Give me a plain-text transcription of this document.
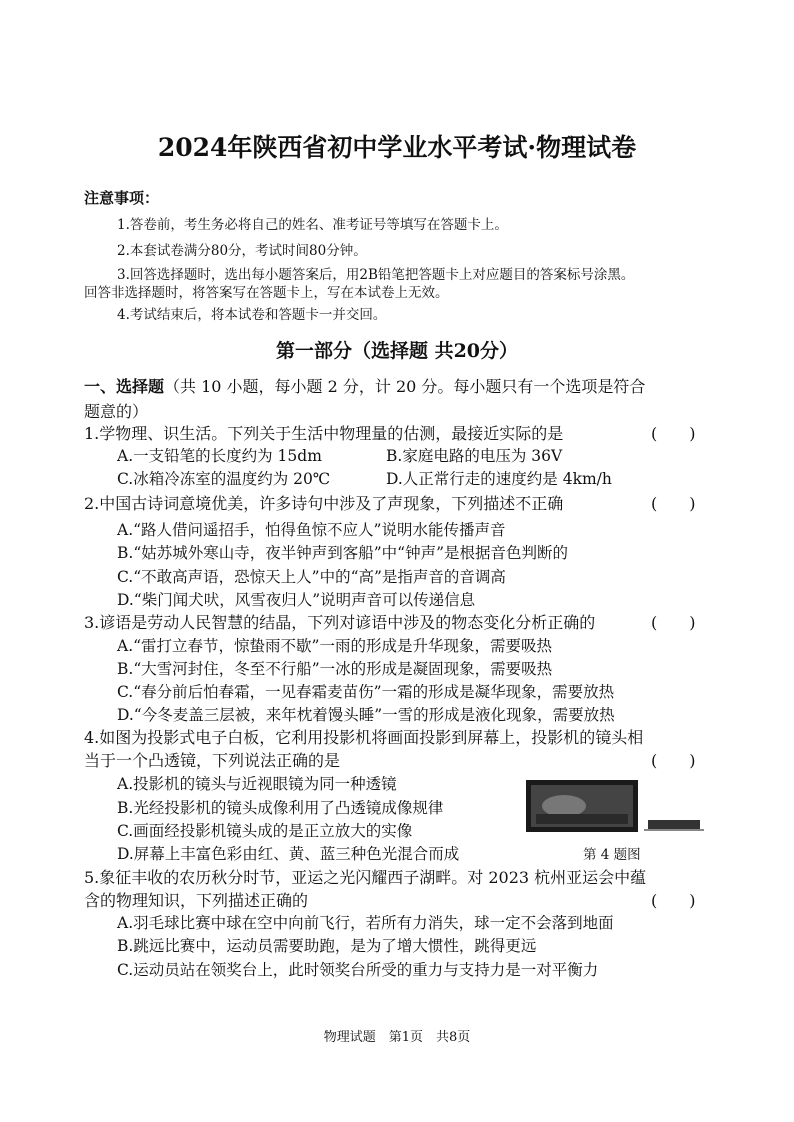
2024年陕西省初中学业水平考试·物理试卷
注意事项：
1.答卷前，考生务必将自己的姓名、准考证号等填写在答题卡上。
2.本套试卷满分80分，考试时间80分钟。
3.回答选择题时，选出每小题答案后，用2B铅笔把答题卡上对应题目的答案标号涂黑。
回答非选择题时，将答案写在答题卡上，写在本试卷上无效。
4.考试结束后，将本试卷和答题卡一并交回。
第一部分（选择题 共20分）
一、选择题（共 10 小题，每小题 2 分，计 20 分。每小题只有一个选项是符合
题意的）
1.学物理、识生活。下列关于生活中物理量的估测，最接近实际的是	(　　)
A.一支铅笔的长度约为 15dm	B.家庭电路的电压为 36V
C.冰箱冷冻室的温度约为 20℃	D.人正常行走的速度约是 4km/h
2.中国古诗词意境优美，许多诗句中涉及了声现象，下列描述不正确	(　　)
A.“路人借问遥招手，怕得鱼惊不应人”说明水能传播声音
B.“姑苏城外寒山寺，夜半钟声到客船”中“钟声”是根据音色判断的
C.“不敢高声语，恐惊天上人”中的“高”是指声音的音调高
D.“柴门闻犬吠，风雪夜归人”说明声音可以传递信息
3.谚语是劳动人民智慧的结晶，下列对谚语中涉及的物态变化分析正确的	(　　)
A.“雷打立春节，惊蛰雨不歇”一雨的形成是升华现象，需要吸热
B.“大雪河封住，冬至不行船”一冰的形成是凝固现象，需要吸热
C.“春分前后怕春霜，一见春霜麦苗伤”一霜的形成是凝华现象，需要放热
D.“今冬麦盖三层被，来年枕着馒头睡”一雪的形成是液化现象，需要放热
4.如图为投影式电子白板，它利用投影机将画面投影到屏幕上，投影机的镜头相
当于一个凸透镜，下列说法正确的是	(　　)
A.投影机的镜头与近视眼镜为同一种透镜
B.光经投影机的镜头成像利用了凸透镜成像规律
C.画面经投影机镜头成的是正立放大的实像
D.屏幕上丰富色彩由红、黄、蓝三种色光混合而成	第 4 题图
5.象征丰收的农历秋分时节，亚运之光闪耀西子湖畔。对 2023 杭州亚运会中蕴
含的物理知识，下列描述正确的	(　　)
A.羽毛球比赛中球在空中向前飞行，若所有力消失，球一定不会落到地面
B.跳远比赛中，运动员需要助跑，是为了增大惯性，跳得更远
C.运动员站在领奖台上，此时领奖台所受的重力与支持力是一对平衡力
物理试题　第1页　共8页
